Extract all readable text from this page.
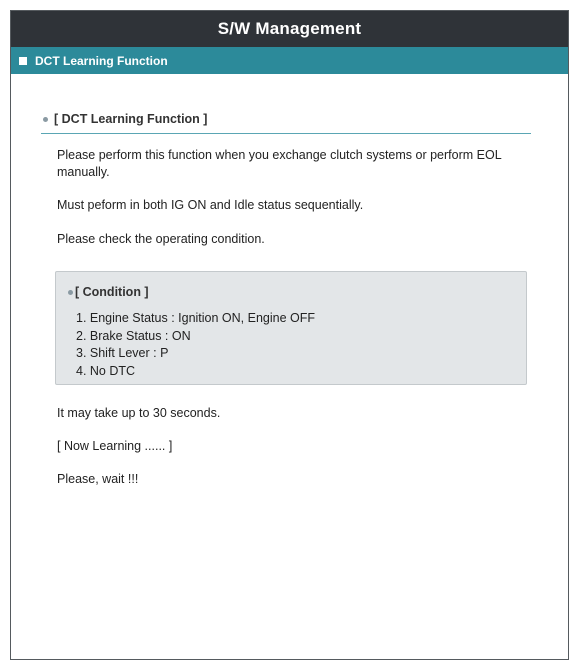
S/W Management
DCT Learning Function
[ DCT Learning Function ]
Please perform this function when you exchange clutch systems or perform EOL manually.
Must peform in both IG ON and Idle status sequentially.
Please check the operating condition.
[ Condition ]
1. Engine Status : Ignition ON, Engine OFF
2. Brake Status : ON
3. Shift Lever : P
4. No DTC
It may take up to 30 seconds.
[ Now Learning ...... ]
Please, wait !!!
